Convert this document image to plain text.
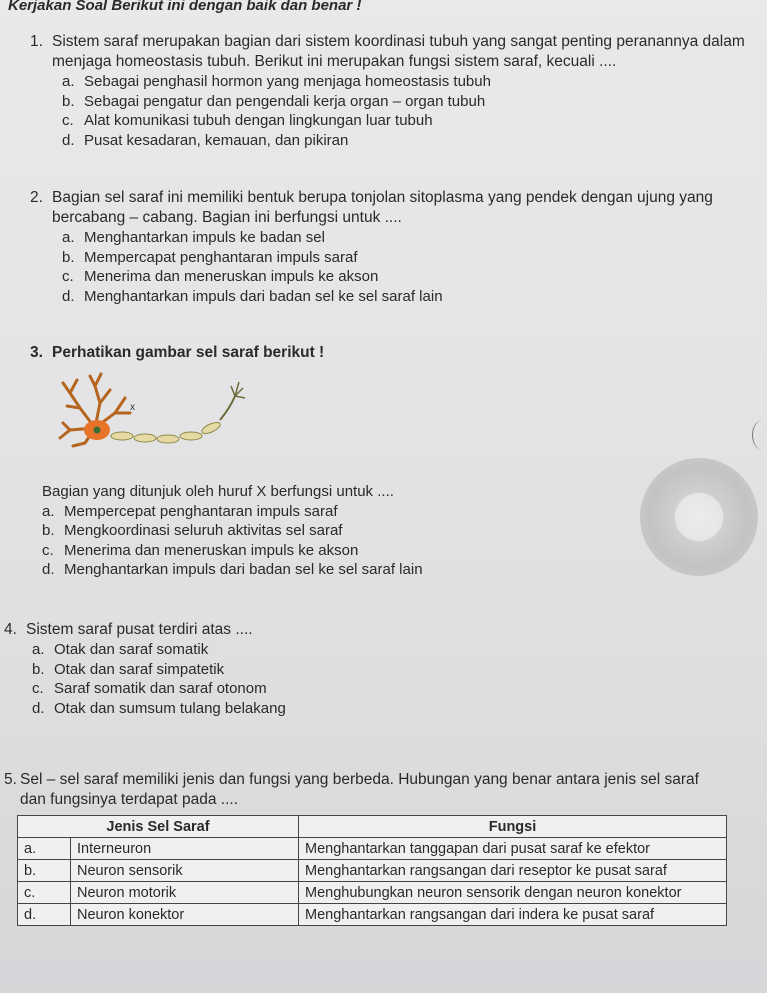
Kerjakan Soal Berikut ini dengan baik dan benar !
1. Sistem saraf merupakan bagian dari sistem koordinasi tubuh yang sangat penting peranannya dalam
menjaga homeostasis tubuh. Berikut ini merupakan fungsi sistem saraf, kecuali ....
a. Sebagai penghasil hormon yang menjaga homeostasis tubuh
b. Sebagai pengatur dan pengendali kerja organ – organ tubuh
c. Alat komunikasi tubuh dengan lingkungan luar tubuh
d. Pusat kesadaran, kemauan, dan pikiran
2. Bagian sel saraf ini memiliki bentuk berupa tonjolan sitoplasma yang pendek dengan ujung yang
bercabang – cabang. Bagian ini berfungsi untuk ....
a. Menghantarkan impuls ke badan sel
b. Mempercapat penghantaran impuls saraf
c. Menerima dan meneruskan impuls ke akson
d. Menghantarkan impuls dari badan sel ke sel saraf lain
3. Perhatikan gambar sel saraf berikut !
x
Bagian yang ditunjuk oleh huruf X berfungsi untuk ....
a. Mempercepat penghantaran impuls saraf
b. Mengkoordinasi seluruh aktivitas sel saraf
c. Menerima dan meneruskan impuls ke akson
d. Menghantarkan impuls dari badan sel ke sel saraf lain
4. Sistem saraf pusat terdiri atas ....
a. Otak dan saraf somatik
b. Otak dan saraf simpatetik
c. Saraf somatik dan saraf otonom
d. Otak dan sumsum tulang belakang
5. Sel – sel saraf memiliki jenis dan fungsi yang berbeda. Hubungan yang benar antara jenis sel saraf
dan fungsinya terdapat pada ....
Jenis Sel Saraf		Fungsi
a.	Interneuron	Menghantarkan tanggapan dari pusat saraf ke efektor
b.	Neuron sensorik	Menghantarkan rangsangan dari reseptor ke pusat saraf
c.	Neuron motorik	Menghubungkan neuron sensorik dengan neuron konektor
d.	Neuron konektor	Menghantarkan rangsangan dari indera ke pusat saraf
